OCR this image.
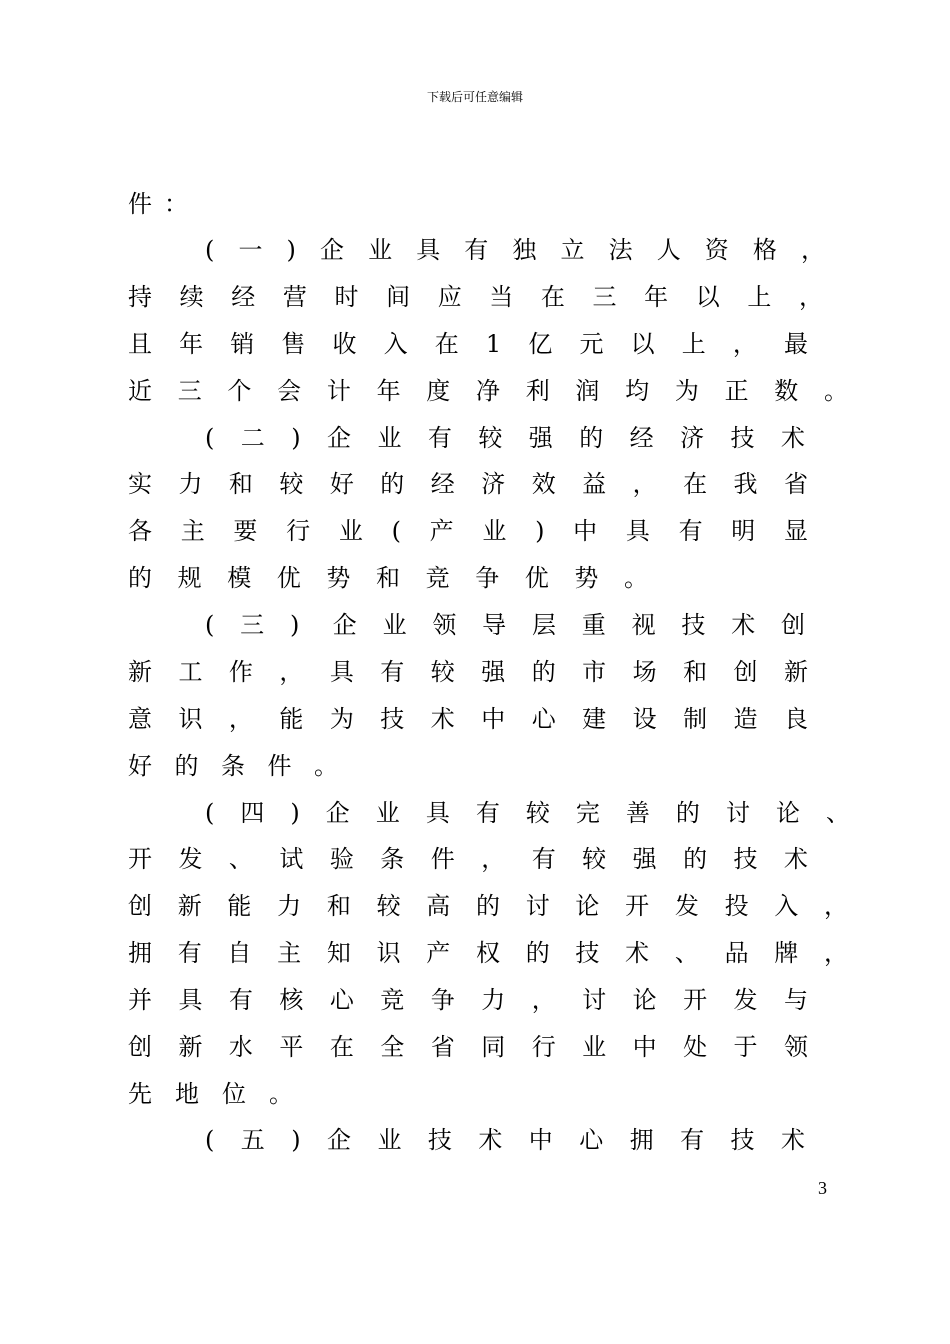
下载后可任意编辑
件 ：
(一)企业具有独立法人资格，
持续经营时间应当在三年以上，
且年销售收入在1亿元以上，最
近三个会计年度净利润均为正数。
(二)企业有较强的经济技术
实力和较好的经济效益，在我省
各主要行业(产业)中具有明显
的规模优势和竞争优势。
(三) 企业领导层重视技术创
新工作，具有较强的市场和创新
意识，能为技术中心建设制造良
好的条件。
(四)企业具有较完善的讨论、
开发、试验条件，有较强的技术
创新能力和较高的讨论开发投入，
拥有自主知识产权的技术、品牌，
并具有核心竞争力，讨论开发与
创新水平在全省同行业中处于领
先地位。
(五)企业技术中心拥有技术
3
